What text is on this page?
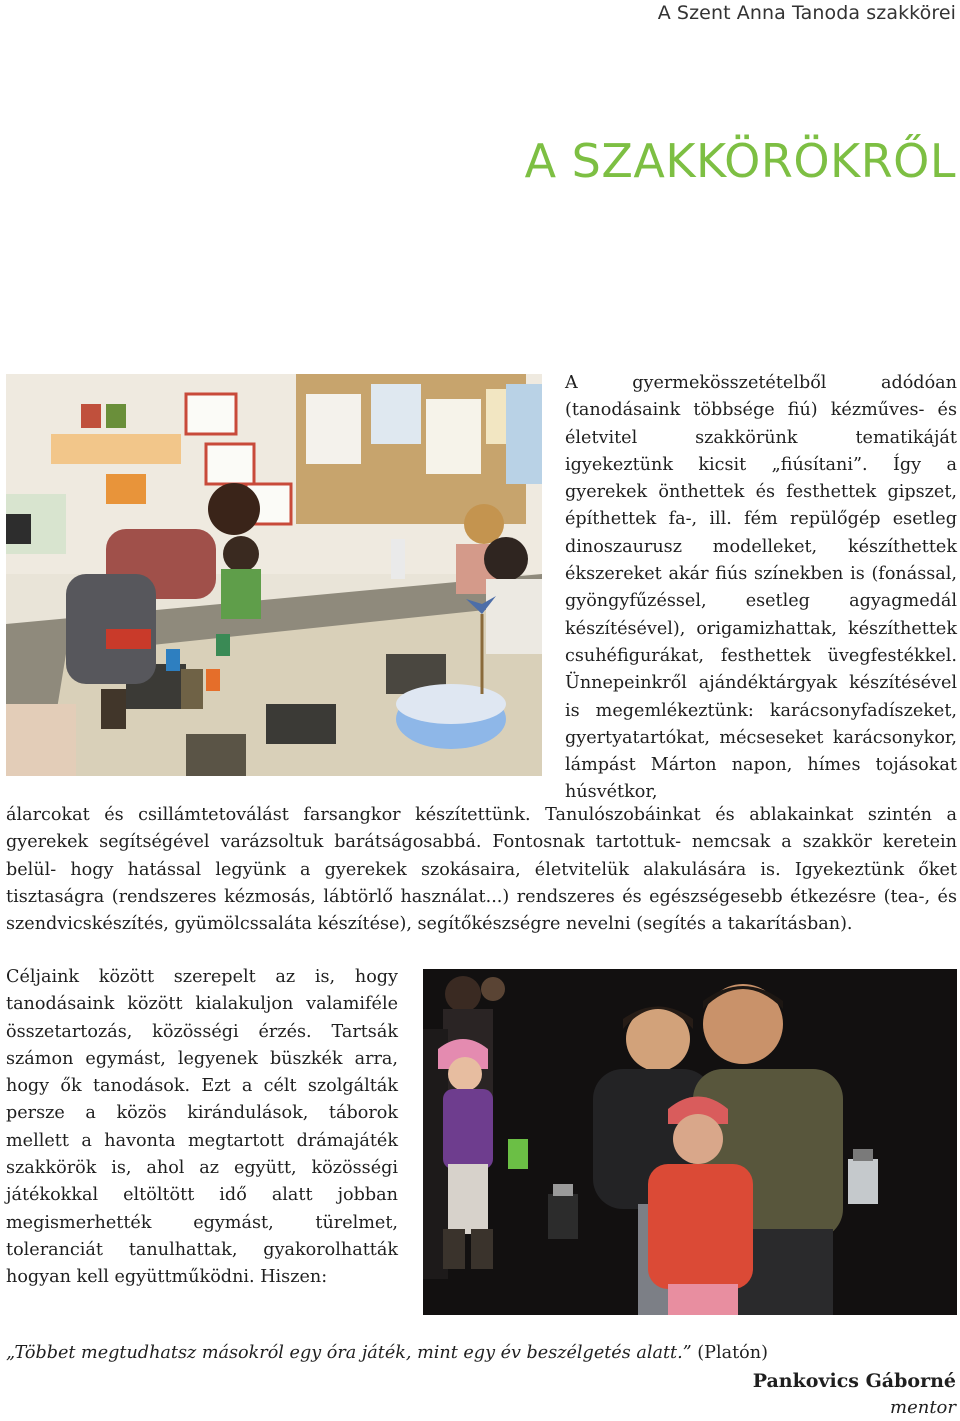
A Szent Anna Tanoda szakkörei
A SZAKKÖRÖKRŐL

A gyermekösszetételből adódóan (tanodásaink többsége fiú) kézműves- és életvitel szakkörünk tematikáját igyekeztünk kicsit „fiúsítani”. Így a gyerekek önthettek és festhettek gipszet, építhettek fa-, ill. fém repülőgép esetleg dinoszaurusz modelleket, készíthettek ékszereket akár fiús színekben is (fonással, gyöngyfűzéssel, esetleg agyagmedál készítésével), origamizhattak, készíthettek csuhéfigurákat, festhettek üvegfestékkel. Ünnepeinkről ajándéktárgyak készítésével is megemlékeztünk: karácsonyfadíszeket, gyertyatartókat, mécseseket karácsonykor, lámpást Márton napon, hímes tojásokat húsvétkor,

álarcokat és csillámtetoválást farsangkor készítettünk. Tanulószobáinkat és ablakainkat szintén a gyerekek segítségével varázsoltuk barátságosabbá. Fontosnak tartottuk- nemcsak a szakkör keretein belül- hogy hatással legyünk a gyerekek szokásaira, életvitelük alakulására is. Igyekeztünk őket tisztaságra (rendszeres kézmosás, lábtörlő használat...) rendszeres és egészségesebb étkezésre (tea-, és szendvicskészítés, gyümölcssaláta készítése), segítőkészségre nevelni (segítés a takarításban).

Céljaink között szerepelt az is, hogy tanodásaink között kialakuljon valamiféle összetartozás, közösségi érzés. Tartsák számon egymást, legyenek büszkék arra, hogy ők tanodások. Ezt a célt szolgálták persze a közös kirándulások, táborok mellett a havonta megtartott drámajáték szakkörök is, ahol az együtt, közösségi játékokkal eltöltött idő alatt jobban megismerhették egymást, türelmet, toleranciát tanulhattak, gyakorolhatták hogyan kell együttműködni. Hiszen:

„Többet megtudhatsz másokról egy óra játék, mint egy év beszélgetés alatt.” (Platón)
Pankovics Gáborné
mentor
